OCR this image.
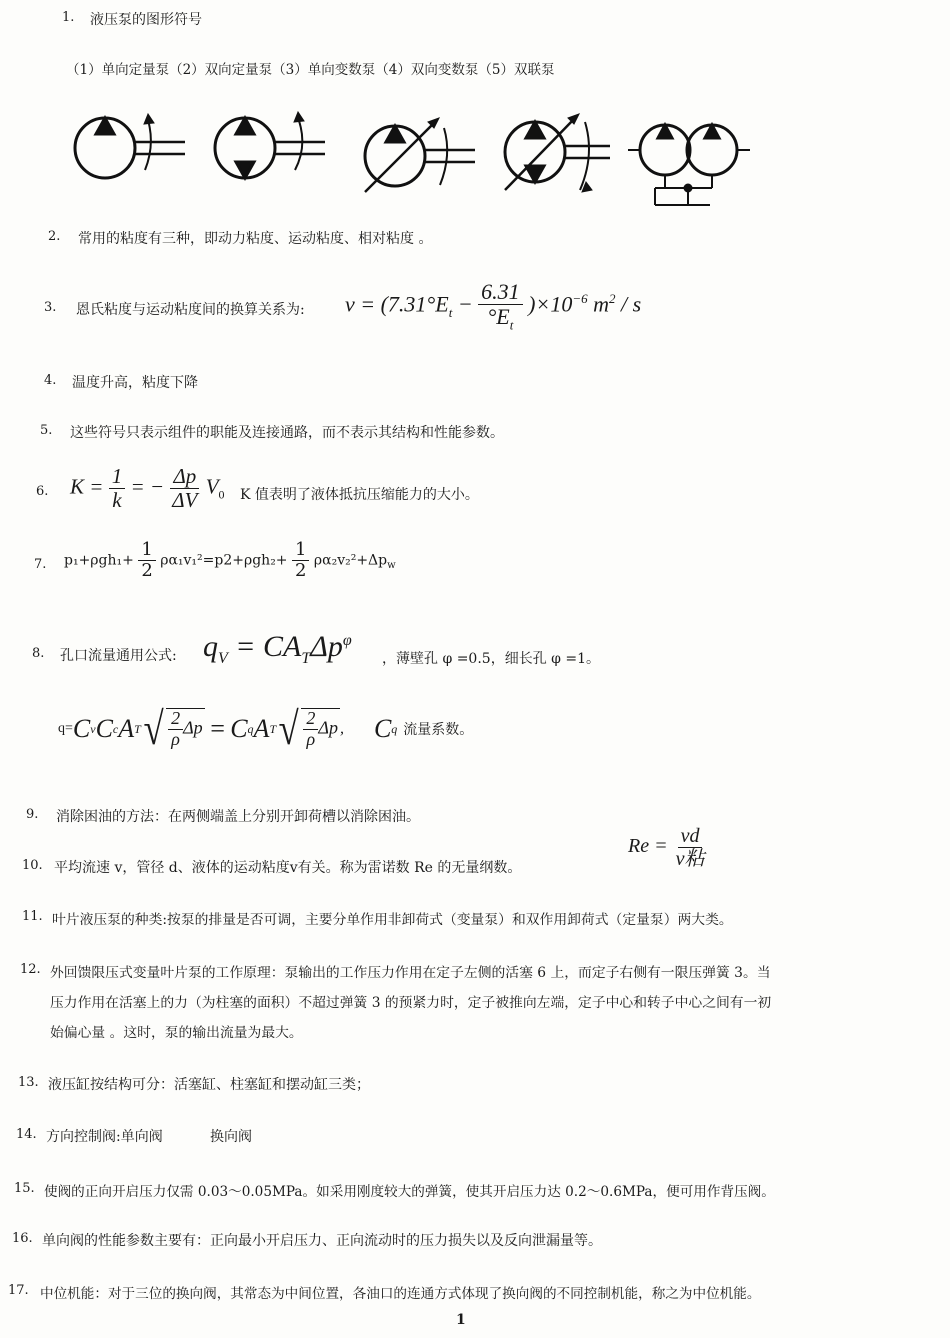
1. 液压泵的图形符号
（1）单向定量泵（2）双向定量泵（3）单向变数泵（4）双向变数泵（5）双联泵
2. 常用的粘度有三种，即动力粘度、运动粘度、相对粘度 。
3. 恩氏粘度与运动粘度间的换算关系为: $\nu = (7.31^\circ E_t - \frac{6.31}{^\circ E_t} )\times 10^{-6}$ $m^2$ / s
4. 温度升高，粘度下降
5. 这些符号只表示组件的职能及连接通路，而不表示其结构和性能参数。
6. $K = \frac{1}{k}$ = − $\frac{\Delta p}{\Delta V} V_0$ K 值表明了液体抵抗压缩能力的大小。
7. $p_1+\rho gh_1+ \frac{1}{2} \rho\alpha_1v_1^2=p2+\rho gh_2+ \frac{1}{2} \rho\alpha_2v_2^2+\Delta p_w$
8. 孔口流量通用公式: $q_V = CA_T\Delta p^\varphi$
，薄壁孔 φ =0.5，细长孔 φ =1。
q= C v C c A T √ $\frac{2}{\rho}$ Δp = C q A T √ $\frac{2}{\rho}$ Δp , C q 流量系数。
9. 消除困油的方法：在两侧端盖上分别开卸荷槽以消除困油。
10. 平均流速 v，管径 d、液体的运动粘度v有关。称为雷诺数 Re 的无量纲数。
$Re = \frac{vd}{\text{v粘}}$
11. 叶片液压泵的种类:按泵的排量是否可调，主要分单作用非卸荷式（变量泵）和双作用卸荷式（定量泵）两大类。
12. 外回馈限压式变量叶片泵的工作原理：泵输出的工作压力作用在定子左侧的活塞 6 上，而定子右侧有一限压弹簧 3。当
压力作用在活塞上的力（为柱塞的面积）不超过弹簧 3 的预紧力时，定子被推向左端，定子中心和转子中心之间有一初
始偏心量 。这时，泵的输出流量为最大。
13. 液压缸按结构可分：活塞缸、柱塞缸和摆动缸三类；
14. 方向控制阀:单向阀	换向阀
15. 使阀的正向开启压力仅需 0.03～0.05MPa。如采用刚度较大的弹簧，使其开启压力达 0.2～0.6MPa，便可用作背压阀。
16. 单向阀的性能参数主要有：正向最小开启压力、正向流动时的压力损失以及反向泄漏量等。
17. 中位机能：对于三位的换向阀，其常态为中间位置，各油口的连通方式体现了换向阀的不同控制机能，称之为中位机能。
1
